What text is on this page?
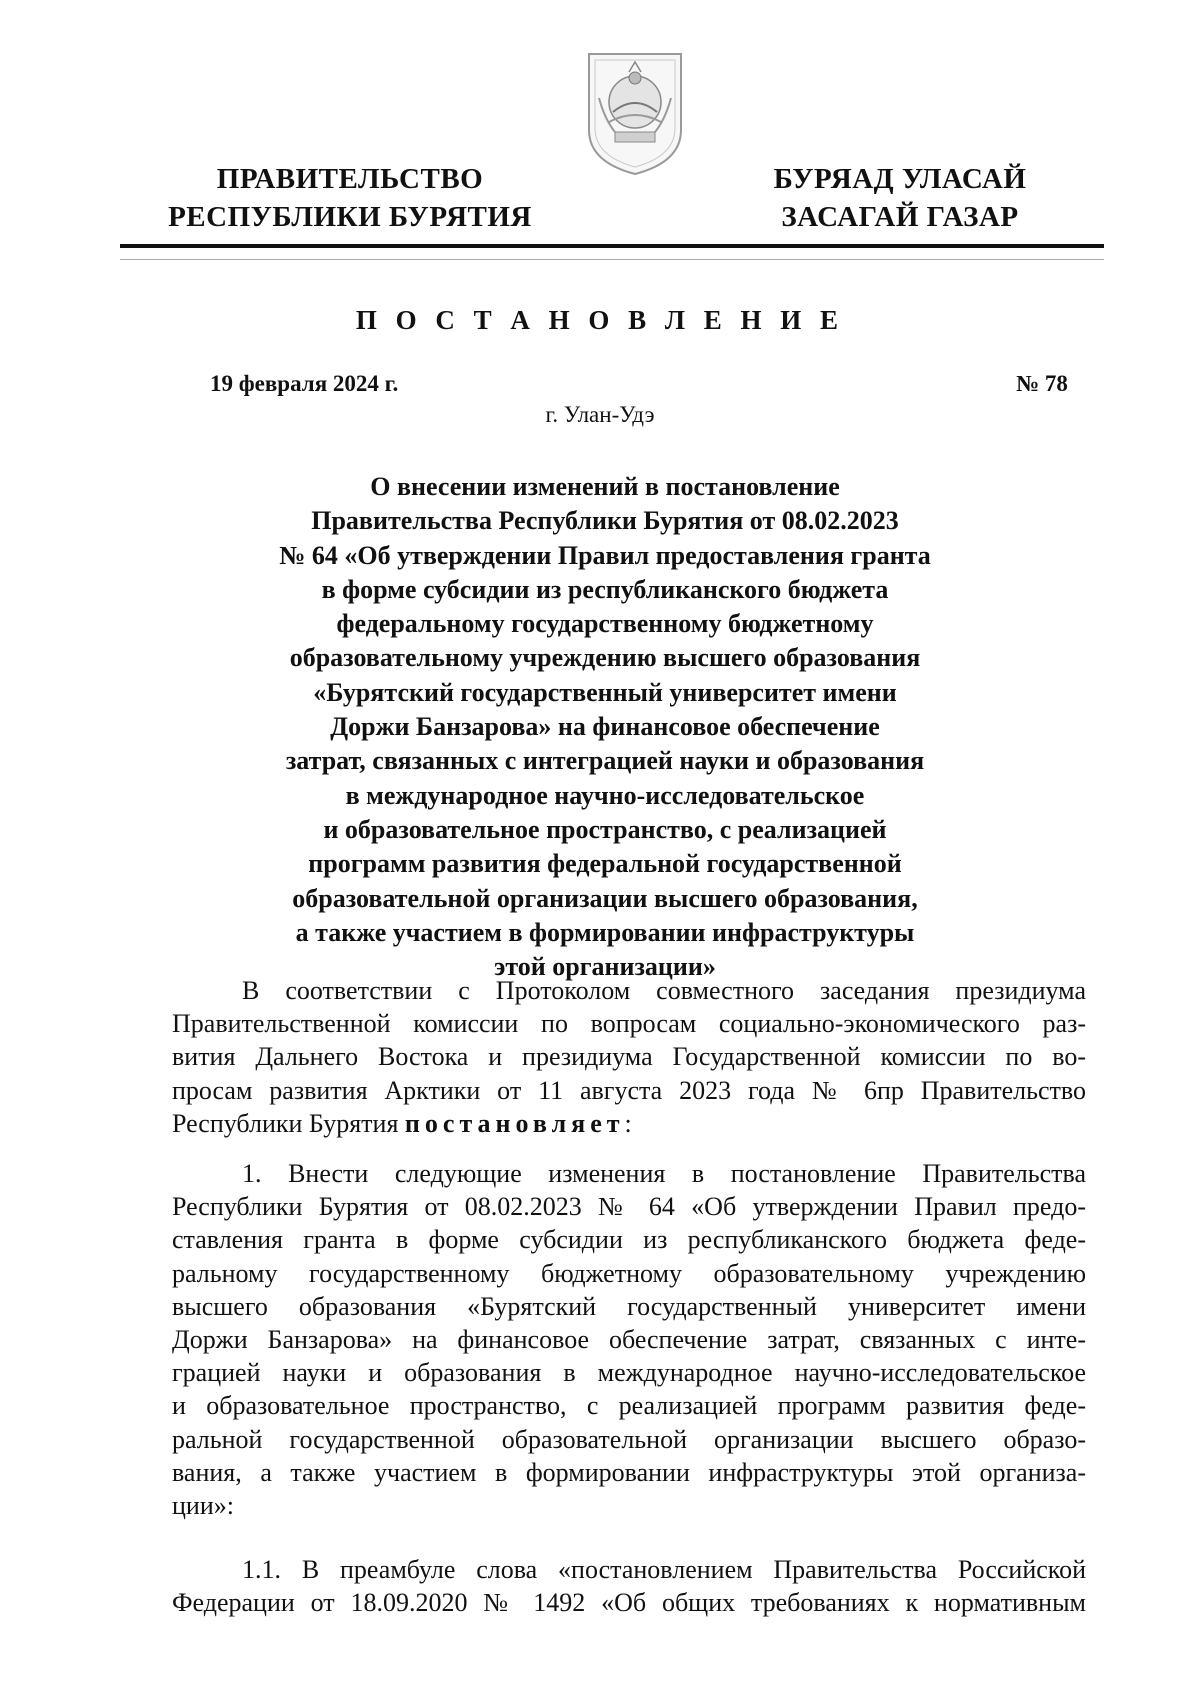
ПРАВИТЕЛЬСТВО
РЕСПУБЛИКИ БУРЯТИЯ
БУРЯАД УЛАСАЙ
ЗАСАГАЙ ГАЗАР
П О С Т А Н О В Л Е Н И Е
19 февраля 2024 г.	№ 78
г. Улан-Удэ
О внесении изменений в постановление
Правительства Республики Бурятия от 08.02.2023
№ 64 «Об утверждении Правил предоставления гранта
в форме субсидии из республиканского бюджета
федеральному государственному бюджетному
образовательному учреждению высшего образования
«Бурятский государственный университет имени
Доржи Банзарова» на финансовое обеспечение
затрат, связанных с интеграцией науки и образования
в международное научно-исследовательское
и образовательное пространство, с реализацией
программ развития федеральной государственной
образовательной организации высшего образования,
а также участием в формировании инфраструктуры
этой организации»
В соответствии с Протоколом совместного заседания президиума
Правительственной комиссии по вопросам социально-экономического раз-
вития Дальнего Востока и президиума Государственной комиссии по во-
просам развития Арктики от 11 августа 2023 года № 6пр Правительство
Республики Бурятия постановляет:
1. Внести следующие изменения в постановление Правительства
Республики Бурятия от 08.02.2023 № 64 «Об утверждении Правил предо-
ставления гранта в форме субсидии из республиканского бюджета феде-
ральному государственному бюджетному образовательному учреждению
высшего образования «Бурятский государственный университет имени
Доржи Банзарова» на финансовое обеспечение затрат, связанных с инте-
грацией науки и образования в международное научно-исследовательское
и образовательное пространство, с реализацией программ развития феде-
ральной государственной образовательной организации высшего образо-
вания, а также участием в формировании инфраструктуры этой организа-
ции»:
1.1. В преамбуле слова «постановлением Правительства Российской
Федерации от 18.09.2020 № 1492 «Об общих требованиях к нормативным
